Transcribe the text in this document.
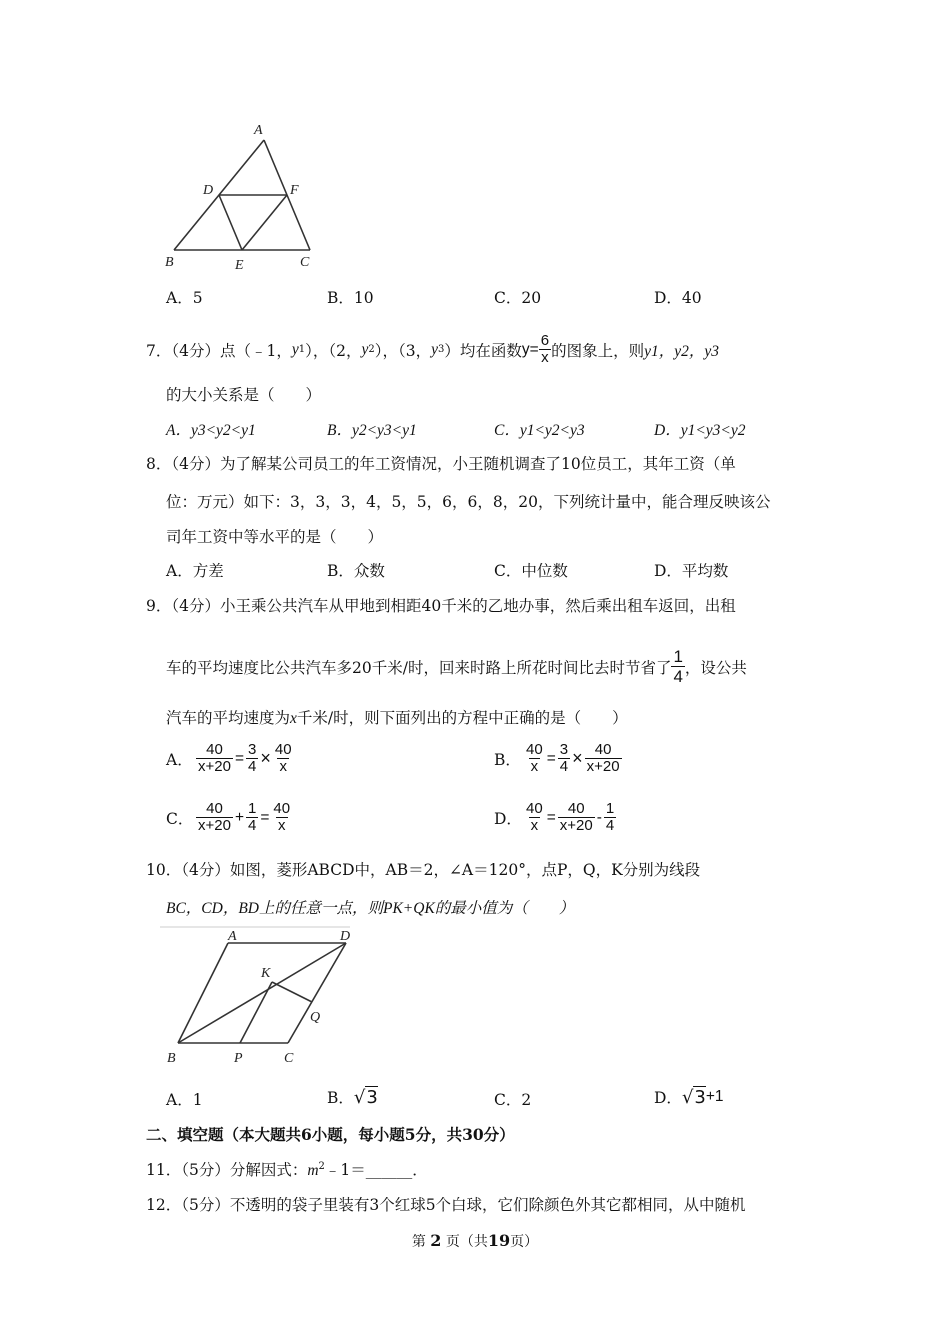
A
D	F
B	E	C
A．5	B．10	C．20	D．40
7．（4分）点（﹣1， y 1 ），（2， y 2 ），（3， y 3 ）均在函数 $y= \frac{6}{x}$ 的图象上，则 y1，y2，y3
的大小关系是（　　）
A．y3<y2<y1	B．y2<y3<y1	C．y1<y2<y3	D．y1<y3<y2
8．（4分）为了解某公司员工的年工资情况，小王随机调查了10位员工，其年工资（单
位：万元）如下：3，3，3，4，5，5，6，6，8，20，下列统计量中，能合理反映该公
司年工资中等水平的是（　　）
A．方差	B．众数	C．中位数	D．平均数
9．（4分）小王乘公共汽车从甲地到相距40千米的乙地办事，然后乘出租车返回，出租
车的平均速度比公共汽车多20千米/时，回来时路上所花时间比去时节省了 $\frac{1}{4}$ ，设公共
汽车的平均速度为x千米/时，则下面列出的方程中正确的是（　　）
A． $\frac{40}{x+20} = \frac{3}{4} \times \frac{40}{x}$	B． $\frac{40}{x} = \frac{3}{4} \times \frac{40}{x+20}$
C． $\frac{40}{x+20} + \frac{1}{4} = \frac{40}{x}$	D． $\frac{40}{x} = \frac{40}{x+20} - \frac{1}{4}$
10．（4分）如图，菱形ABCD中，AB＝2，∠A＝120°，点P，Q，K分别为线段
BC，CD，BD上的任意一点，则PK+QK的最小值为（　　）
A	D
K
Q
B	P	C
A．1	B． √3	C．2	D． √3 +1
二、填空题（本大题共6小题，每小题5分，共30分）
11．（5分）分解因式：$m^2﹣1=\_\_\_\_\_\_$．
12．（5分）不透明的袋子里装有3个红球5个白球，它们除颜色外其它都相同，从中随机
第 2 页（共19页）
